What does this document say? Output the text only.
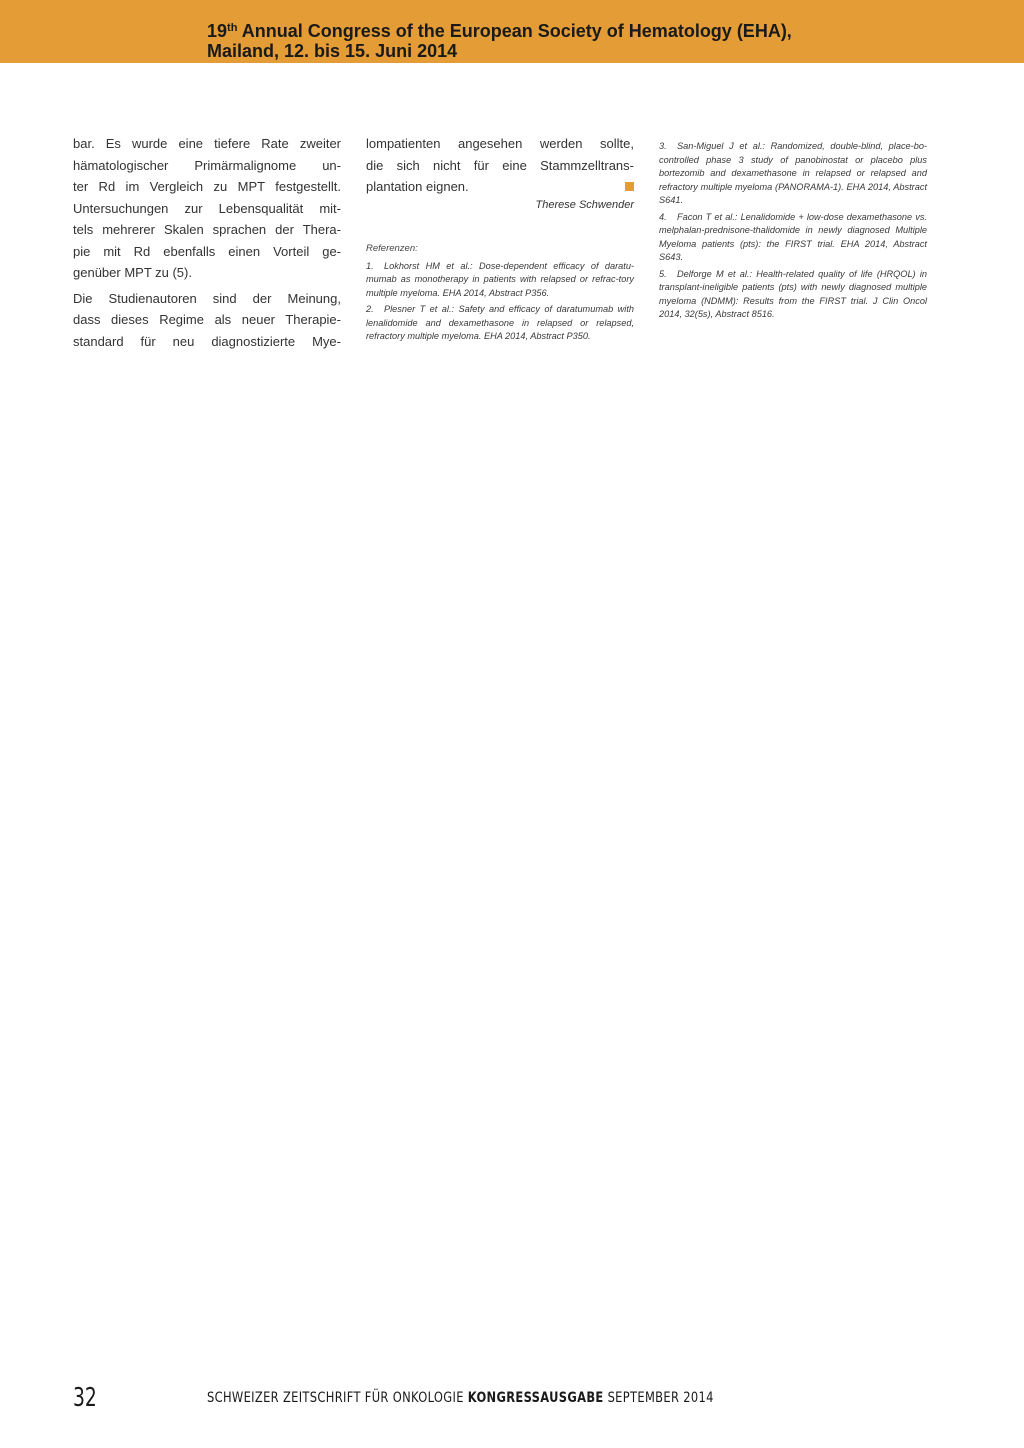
19th Annual Congress of the European Society of Hematology (EHA),
Mailand, 12. bis 15. Juni 2014
bar. Es wurde eine tiefere Rate zweiter
hämatologischer Primärmalignome un-
ter Rd im Vergleich zu MPT festgestellt.
Untersuchungen zur Lebensqualität mit-
tels mehrerer Skalen sprachen der Thera-
pie mit Rd ebenfalls einen Vorteil ge-
genüber MPT zu (5).
Die Studienautoren sind der Meinung,
dass dieses Regime als neuer Therapie-
standard für neu diagnostizierte Mye-
lompatienten angesehen werden sollte,
die sich nicht für eine Stammzelltrans-
plantation eignen.
Therese Schwender
Referenzen:
1. Lokhorst HM et al.: Dose-dependent efficacy of daratu-mumab as monotherapy in patients with relapsed or refrac-tory multiple myeloma. EHA 2014, Abstract P356.
2. Plesner T et al.: Safety and efficacy of daratumumab with lenalidomide and dexamethasone in relapsed or relapsed, refractory multiple myeloma. EHA 2014, Abstract P350.
3. San-Miguel J et al.: Randomized, double-blind, place-bo-controlled phase 3 study of panobinostat or placebo plus bortezomib and dexamethasone in relapsed or relapsed and refractory multiple myeloma (PANORAMA-1). EHA 2014, Abstract S641.
4. Facon T et al.: Lenalidomide + low-dose dexamethasone vs. melphalan-prednisone-thalidomide in newly diagnosed Multiple Myeloma patients (pts): the FIRST trial. EHA 2014, Abstract S643.
5. Delforge M et al.: Health-related quality of life (HRQOL) in transplant-ineligible patients (pts) with newly diagnosed multiple myeloma (NDMM): Results from the FIRST trial. J Clin Oncol 2014, 32(5s), Abstract 8516.
32	SCHWEIZER ZEITSCHRIFT FÜR ONKOLOGIE KONGRESSAUSGABE SEPTEMBER 2014
